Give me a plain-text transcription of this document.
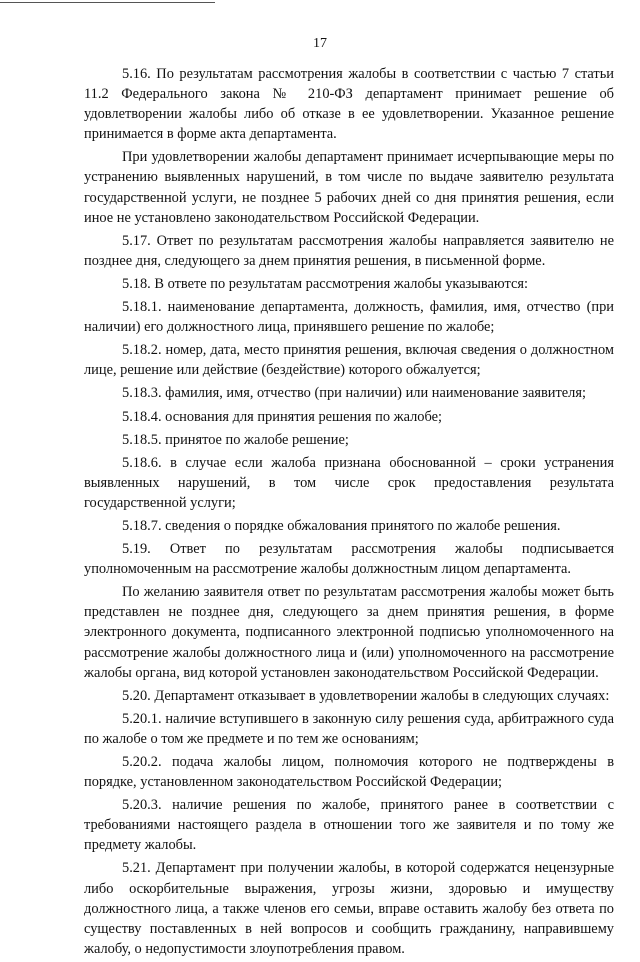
17

5.16. По результатам рассмотрения жалобы в соответствии с частью 7 статьи 11.2 Федерального закона № 210-ФЗ департамент принимает решение об удовлетворении жалобы либо об отказе в ее удовлетворении. Указанное решение принимается в форме акта департамента.

При удовлетворении жалобы департамент принимает исчерпывающие меры по устранению выявленных нарушений, в том числе по выдаче заявителю результата государственной услуги, не позднее 5 рабочих дней со дня принятия решения, если иное не установлено законодательством Российской Федерации.

5.17. Ответ по результатам рассмотрения жалобы направляется заявителю не позднее дня, следующего за днем принятия решения, в письменной форме.

5.18. В ответе по результатам рассмотрения жалобы указываются:

5.18.1. наименование департамента, должность, фамилия, имя, отчество (при наличии) его должностного лица, принявшего решение по жалобе;

5.18.2. номер, дата, место принятия решения, включая сведения о должностном лице, решение или действие (бездействие) которого обжалуется;

5.18.3. фамилия, имя, отчество (при наличии) или наименование заявителя;

5.18.4. основания для принятия решения по жалобе;

5.18.5. принятое по жалобе решение;

5.18.6. в случае если жалоба признана обоснованной – сроки устранения выявленных нарушений, в том числе срок предоставления результата государственной услуги;

5.18.7. сведения о порядке обжалования принятого по жалобе решения.

5.19. Ответ по результатам рассмотрения жалобы подписывается уполномоченным на рассмотрение жалобы должностным лицом департамента.

По желанию заявителя ответ по результатам рассмотрения жалобы может быть представлен не позднее дня, следующего за днем принятия решения, в форме электронного документа, подписанного электронной подписью уполномоченного на рассмотрение жалобы должностного лица и (или) уполномоченного на рассмотрение жалобы органа, вид которой установлен законодательством Российской Федерации.

5.20. Департамент отказывает в удовлетворении жалобы в следующих случаях:

5.20.1. наличие вступившего в законную силу решения суда, арбитражного суда по жалобе о том же предмете и по тем же основаниям;

5.20.2. подача жалобы лицом, полномочия которого не подтверждены в порядке, установленном законодательством Российской Федерации;

5.20.3. наличие решения по жалобе, принятого ранее в соответствии с требованиями настоящего раздела в отношении того же заявителя и по тому же предмету жалобы.

5.21. Департамент при получении жалобы, в которой содержатся нецензурные либо оскорбительные выражения, угрозы жизни, здоровью и имуществу должностного лица, а также членов его семьи, вправе оставить жалобу без ответа по существу поставленных в ней вопросов и сообщить гражданину, направившему жалобу, о недопустимости злоупотребления правом.
